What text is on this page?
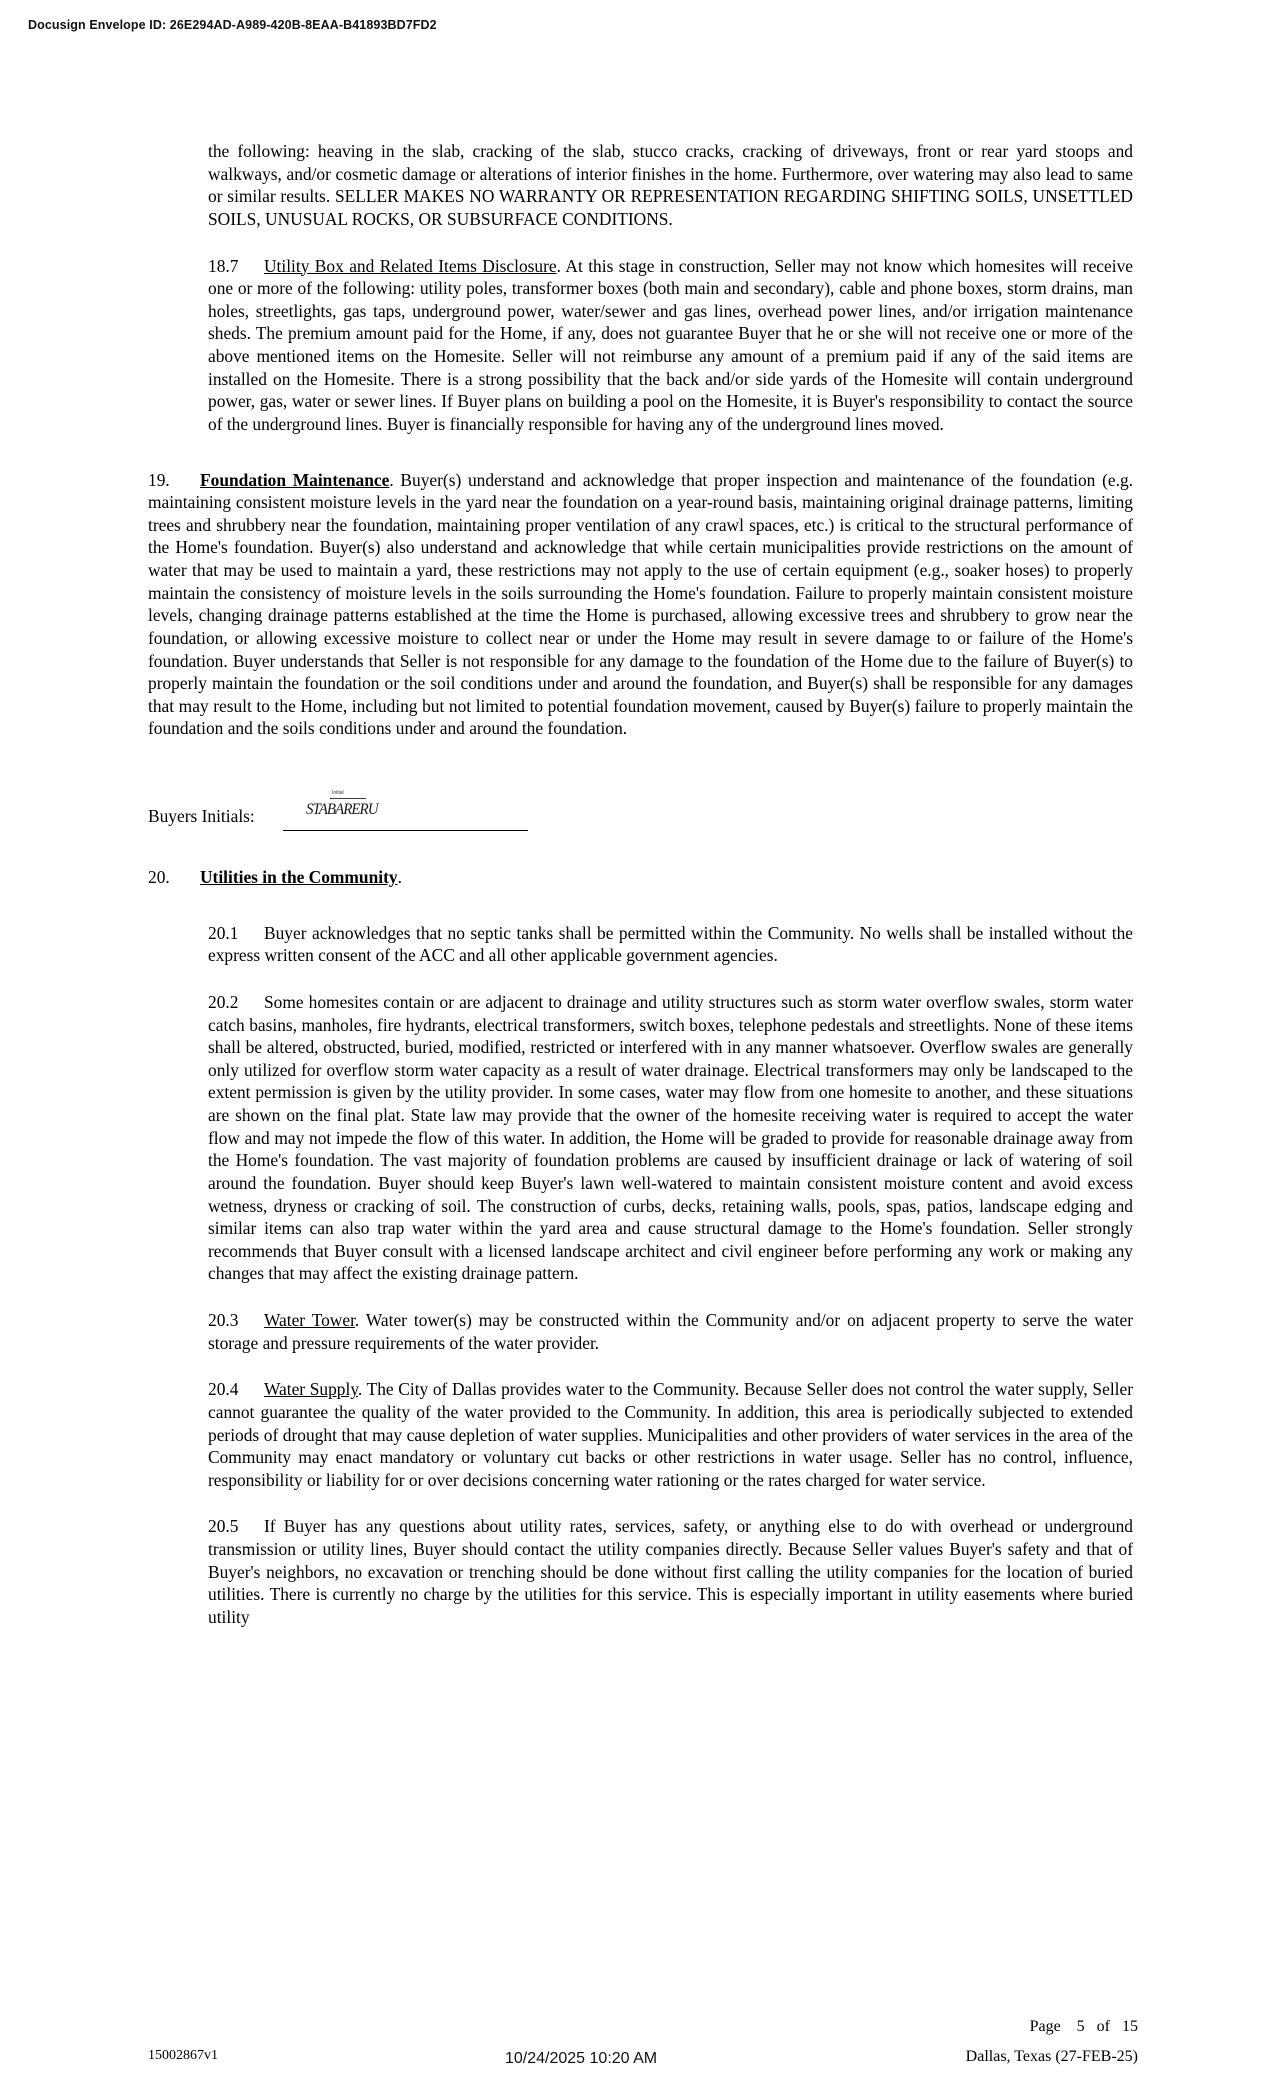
Docusign Envelope ID: 26E294AD-A989-420B-8EAA-B41893BD7FD2

the following: heaving in the slab, cracking of the slab, stucco cracks, cracking of driveways, front or rear yard stoops and walkways, and/or cosmetic damage or alterations of interior finishes in the home. Furthermore, over watering may also lead to same or similar results. SELLER MAKES NO WARRANTY OR REPRESENTATION REGARDING SHIFTING SOILS, UNSETTLED SOILS, UNUSUAL ROCKS, OR SUBSURFACE CONDITIONS.

18.7 Utility Box and Related Items Disclosure. At this stage in construction, Seller may not know which homesites will receive one or more of the following: utility poles, transformer boxes (both main and secondary), cable and phone boxes, storm drains, man holes, streetlights, gas taps, underground power, water/sewer and gas lines, overhead power lines, and/or irrigation maintenance sheds. The premium amount paid for the Home, if any, does not guarantee Buyer that he or she will not receive one or more of the above mentioned items on the Homesite. Seller will not reimburse any amount of a premium paid if any of the said items are installed on the Homesite. There is a strong possibility that the back and/or side yards of the Homesite will contain underground power, gas, water or sewer lines. If Buyer plans on building a pool on the Homesite, it is Buyer's responsibility to contact the source of the underground lines. Buyer is financially responsible for having any of the underground lines moved.

19. Foundation Maintenance. Buyer(s) understand and acknowledge that proper inspection and maintenance of the foundation (e.g. maintaining consistent moisture levels in the yard near the foundation on a year-round basis, maintaining original drainage patterns, limiting trees and shrubbery near the foundation, maintaining proper ventilation of any crawl spaces, etc.) is critical to the structural performance of the Home's foundation. Buyer(s) also understand and acknowledge that while certain municipalities provide restrictions on the amount of water that may be used to maintain a yard, these restrictions may not apply to the use of certain equipment (e.g., soaker hoses) to properly maintain the consistency of moisture levels in the soils surrounding the Home's foundation. Failure to properly maintain consistent moisture levels, changing drainage patterns established at the time the Home is purchased, allowing excessive trees and shrubbery to grow near the foundation, or allowing excessive moisture to collect near or under the Home may result in severe damage to or failure of the Home's foundation. Buyer understands that Seller is not responsible for any damage to the foundation of the Home due to the failure of Buyer(s) to properly maintain the foundation or the soil conditions under and around the foundation, and Buyer(s) shall be responsible for any damages that may result to the Home, including but not limited to potential foundation movement, caused by Buyer(s) failure to properly maintain the foundation and the soils conditions under and around the foundation.

Buyers Initials:
Initial
STABARERU

20. Utilities in the Community.

20.1 Buyer acknowledges that no septic tanks shall be permitted within the Community. No wells shall be installed without the express written consent of the ACC and all other applicable government agencies.

20.2 Some homesites contain or are adjacent to drainage and utility structures such as storm water overflow swales, storm water catch basins, manholes, fire hydrants, electrical transformers, switch boxes, telephone pedestals and streetlights. None of these items shall be altered, obstructed, buried, modified, restricted or interfered with in any manner whatsoever. Overflow swales are generally only utilized for overflow storm water capacity as a result of water drainage. Electrical transformers may only be landscaped to the extent permission is given by the utility provider. In some cases, water may flow from one homesite to another, and these situations are shown on the final plat. State law may provide that the owner of the homesite receiving water is required to accept the water flow and may not impede the flow of this water. In addition, the Home will be graded to provide for reasonable drainage away from the Home's foundation. The vast majority of foundation problems are caused by insufficient drainage or lack of watering of soil around the foundation. Buyer should keep Buyer's lawn well-watered to maintain consistent moisture content and avoid excess wetness, dryness or cracking of soil. The construction of curbs, decks, retaining walls, pools, spas, patios, landscape edging and similar items can also trap water within the yard area and cause structural damage to the Home's foundation. Seller strongly recommends that Buyer consult with a licensed landscape architect and civil engineer before performing any work or making any changes that may affect the existing drainage pattern.

20.3 Water Tower. Water tower(s) may be constructed within the Community and/or on adjacent property to serve the water storage and pressure requirements of the water provider.

20.4 Water Supply. The City of Dallas provides water to the Community. Because Seller does not control the water supply, Seller cannot guarantee the quality of the water provided to the Community. In addition, this area is periodically subjected to extended periods of drought that may cause depletion of water supplies. Municipalities and other providers of water services in the area of the Community may enact mandatory or voluntary cut backs or other restrictions in water usage. Seller has no control, influence, responsibility or liability for or over decisions concerning water rationing or the rates charged for water service.

20.5 If Buyer has any questions about utility rates, services, safety, or anything else to do with overhead or underground transmission or utility lines, Buyer should contact the utility companies directly. Because Seller values Buyer's safety and that of Buyer's neighbors, no excavation or trenching should be done without first calling the utility companies for the location of buried utilities. There is currently no charge by the utilities for this service. This is especially important in utility easements where buried utility

15002867v1	10/24/2025 10:20 AM
Page 5 of 15
Dallas, Texas (27-FEB-25)
